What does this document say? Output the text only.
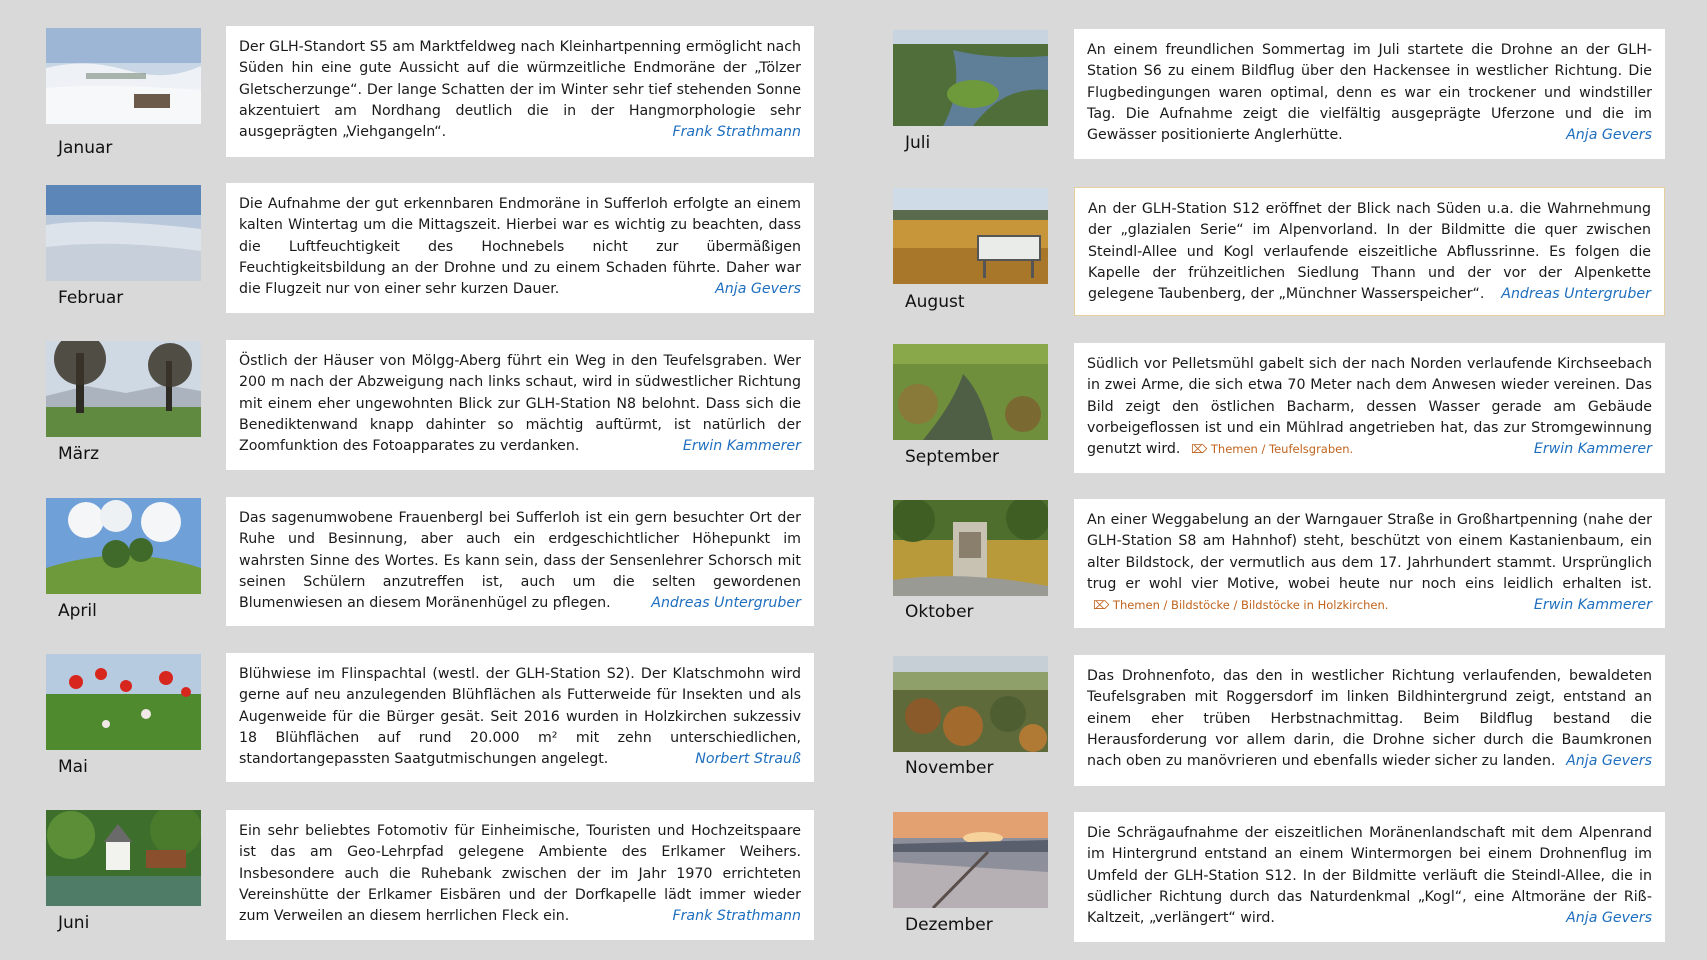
Januar
Der GLH-Standort S5 am Marktfeldweg nach Kleinhartpenning ermöglicht nach Süden hin eine gute Aussicht auf die würmzeitliche Endmoräne der „Tölzer Gletscherzunge“. Der lange Schatten der im Winter sehr tief stehenden Sonne akzentuiert am Nordhang deutlich die in der Hangmorphologie sehr ausgeprägten „Viehgangeln“.	Frank Strathmann
Februar
Die Aufnahme der gut erkennbaren Endmoräne in Sufferloh erfolgte an einem kalten Wintertag um die Mittagszeit. Hierbei war es wichtig zu beachten, dass die Luftfeuchtigkeit des Hochnebels nicht zur übermäßigen Feuchtigkeitsbildung an der Drohne und zu einem Schaden führte. Daher war die Flugzeit nur von einer sehr kurzen Dauer.	Anja Gevers
März
Östlich der Häuser von Mölgg-Aberg führt ein Weg in den Teufelsgraben. Wer 200 m nach der Abzweigung nach links schaut, wird in südwestlicher Richtung mit einem eher ungewohnten Blick zur GLH-Station N8 belohnt. Dass sich die Benediktenwand knapp dahinter so mächtig auftürmt, ist natürlich der Zoomfunktion des Fotoapparates zu verdanken.	Erwin Kammerer
April
Das sagenumwobene Frauenbergl bei Sufferloh ist ein gern besuchter Ort der Ruhe und Besinnung, aber auch ein erdgeschichtlicher Höhepunkt im wahrsten Sinne des Wortes. Es kann sein, dass der Sensenlehrer Schorsch mit seinen Schülern anzutreffen ist, auch um die selten gewordenen Blumenwiesen an diesem Moränenhügel zu pflegen.	Andreas Untergruber
Mai
Blühwiese im Flinspachtal (westl. der GLH-Station S2). Der Klatschmohn wird gerne auf neu anzulegenden Blühflächen als Futterweide für Insekten und als Augenweide für die Bürger gesät. Seit 2016 wurden in Holzkirchen sukzessiv 18 Blühflächen auf rund 20.000 m² mit zehn unterschiedlichen, standortangepassten Saatgutmischungen angelegt.	Norbert Strauß
Juni
Ein sehr beliebtes Fotomotiv für Einheimische, Touristen und Hochzeitspaare ist das am Geo-Lehrpfad gelegene Ambiente des Erlkamer Weihers. Insbesondere auch die Ruhebank zwischen der im Jahr 1970 errichteten Vereinshütte der Erlkamer Eisbären und der Dorfkapelle lädt immer wieder zum Verweilen an diesem herrlichen Fleck ein.	Frank Strathmann
Juli
An einem freundlichen Sommertag im Juli startete die Drohne an der GLH-Station S6 zu einem Bildflug über den Hackensee in westlicher Richtung. Die Flugbedingungen waren optimal, denn es war ein trockener und windstiller Tag. Die Aufnahme zeigt die vielfältig ausgeprägte Uferzone und die im Gewässer positionierte Anglerhütte.	Anja Gevers
August
An der GLH-Station S12 eröffnet der Blick nach Süden u.a. die Wahrnehmung der „glazialen Serie“ im Alpenvorland. In der Bildmitte die quer zwischen Steindl-Allee und Kogl verlaufende eiszeitliche Abflussrinne. Es folgen die Kapelle der frühzeitlichen Siedlung Thann und der vor der Alpenkette gelegene Taubenberg, der „Münchner Wasserspeicher“. Andreas Untergruber
September
Südlich vor Pelletsmühl gabelt sich der nach Norden verlaufende Kirchseebach in zwei Arme, die sich etwa 70 Meter nach dem Anwesen wieder vereinen. Das Bild zeigt den östlichen Bacharm, dessen Wasser gerade am Gebäude vorbeigeflossen ist und ein Mühlrad angetrieben hat, das zur Stromgewinnung genutzt wird. ⌦ Themen / Teufelsgraben.	Erwin Kammerer
Oktober
An einer Weggabelung an der Warngauer Straße in Großhartpenning (nahe der GLH-Station S8 am Hahnhof) steht, beschützt von einem Kastanienbaum, ein alter Bildstock, der vermutlich aus dem 17. Jahrhundert stammt. Ursprünglich trug er wohl vier Motive, wobei heute nur noch eins leidlich erhalten ist. ⌦ Themen / Bildstöcke / Bildstöcke in Holzkirchen.	Erwin Kammerer
November
Das Drohnenfoto, das den in westlicher Richtung verlaufenden, bewaldeten Teufelsgraben mit Roggersdorf im linken Bildhintergrund zeigt, entstand an einem eher trüben Herbstnachmittag. Beim Bildflug bestand die Herausforderung vor allem darin, die Drohne sicher durch die Baumkronen nach oben zu manövrieren und ebenfalls wieder sicher zu landen. Anja Gevers
Dezember
Die Schrägaufnahme der eiszeitlichen Moränenlandschaft mit dem Alpenrand im Hintergrund entstand an einem Wintermorgen bei einem Drohnenflug im Umfeld der GLH-Station S12. In der Bildmitte verläuft die Steindl-Allee, die in südlicher Richtung durch das Naturdenkmal „Kogl“, eine Altmoräne der Riß-Kaltzeit, „verlängert“ wird.	Anja Gevers
